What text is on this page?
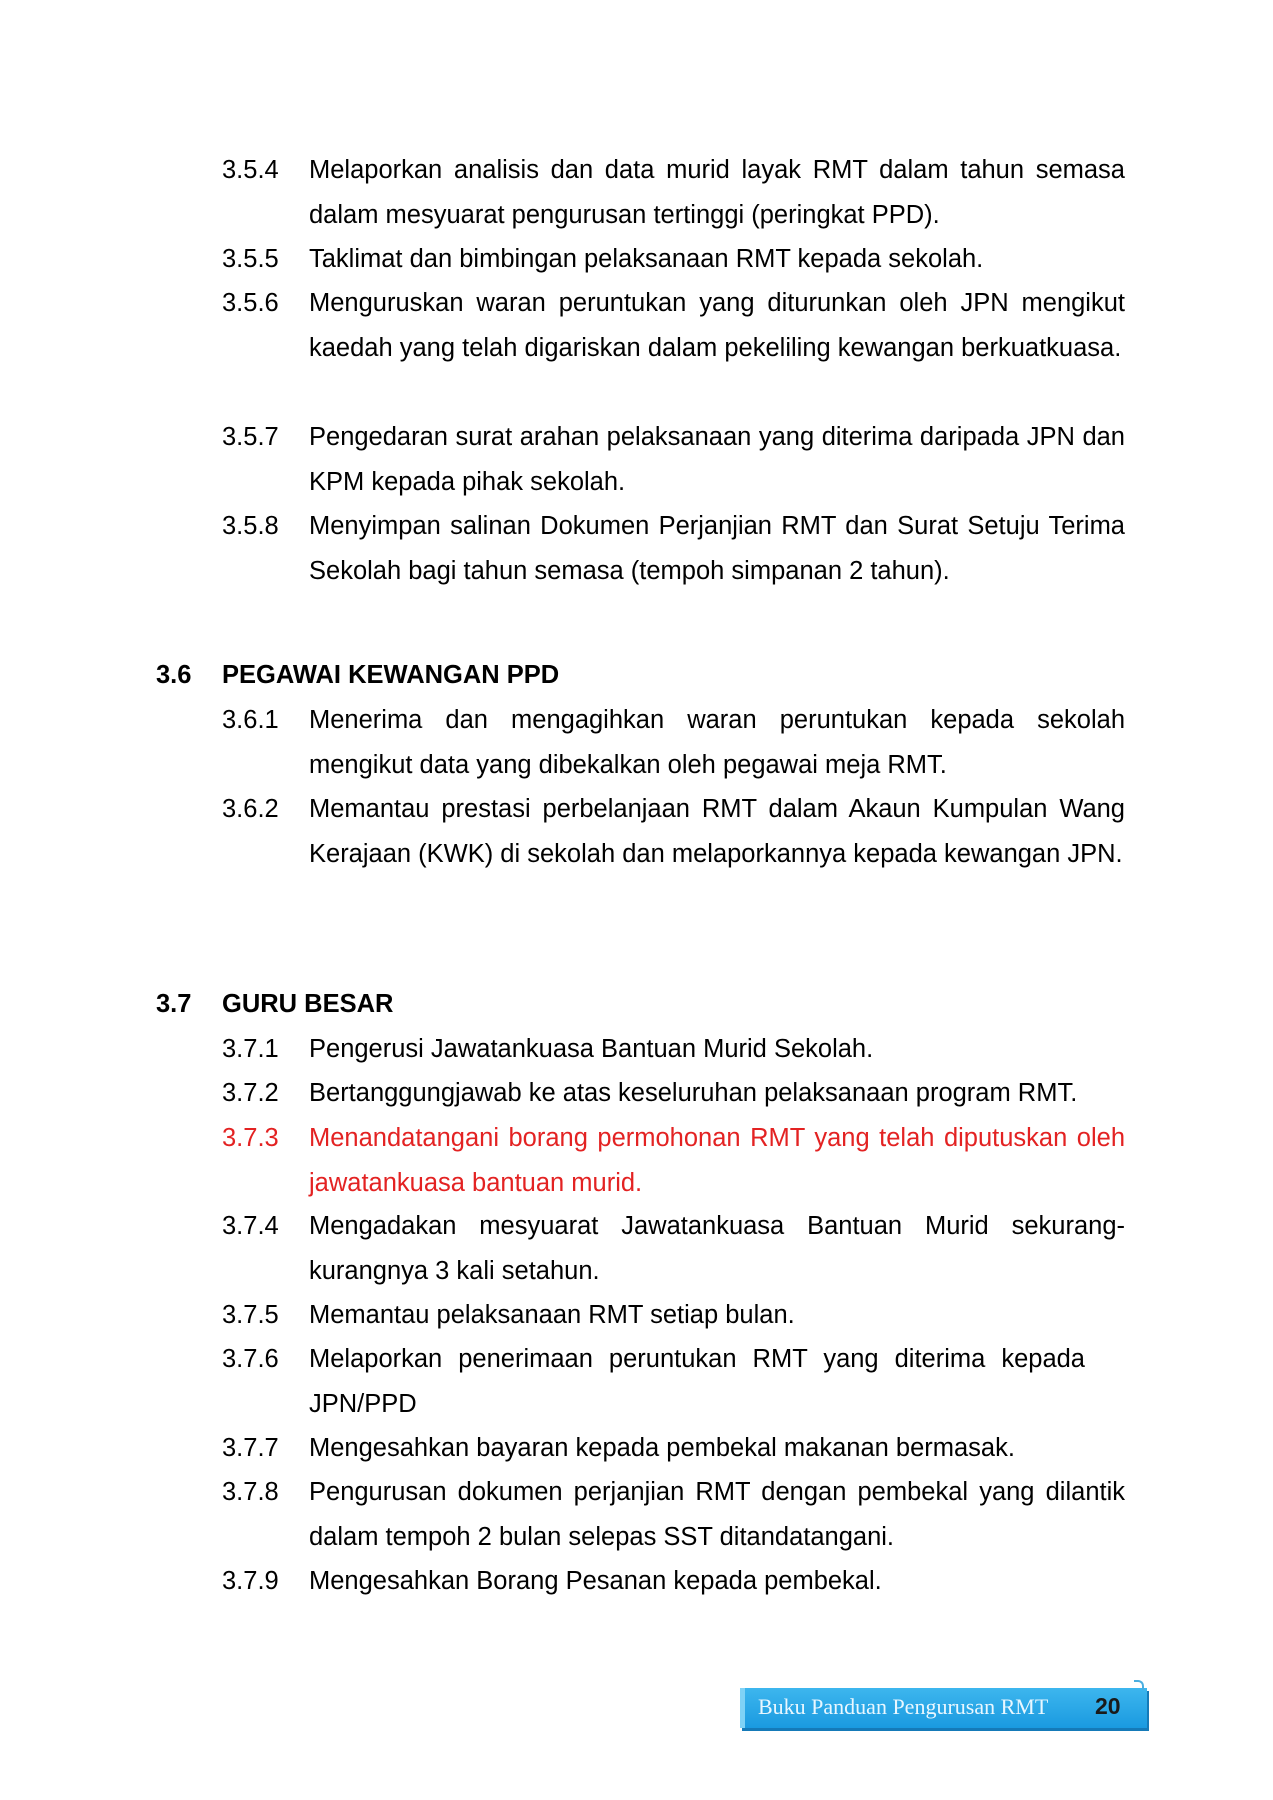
3.5.4	Melaporkan analisis dan data murid layak RMT dalam tahun semasa dalam mesyuarat pengurusan tertinggi (peringkat PPD).
3.5.5	Taklimat dan bimbingan pelaksanaan RMT kepada sekolah.
3.5.6	Menguruskan waran peruntukan yang diturunkan oleh JPN mengikut kaedah yang telah digariskan dalam pekeliling kewangan berkuatkuasa.
3.5.7	Pengedaran surat arahan pelaksanaan yang diterima daripada JPN dan KPM kepada pihak sekolah.
3.5.8	Menyimpan salinan Dokumen Perjanjian RMT dan Surat Setuju Terima Sekolah bagi tahun semasa (tempoh simpanan 2 tahun).
3.6	PEGAWAI KEWANGAN PPD
3.6.1	Menerima dan mengagihkan waran peruntukan kepada sekolah mengikut data yang dibekalkan oleh pegawai meja RMT.
3.6.2	Memantau prestasi perbelanjaan RMT dalam Akaun Kumpulan Wang Kerajaan (KWK) di sekolah dan melaporkannya kepada kewangan JPN.
3.7	GURU BESAR
3.7.1	Pengerusi Jawatankuasa Bantuan Murid Sekolah.
3.7.2	Bertanggungjawab ke atas keseluruhan pelaksanaan program RMT.
3.7.3	Menandatangani borang permohonan RMT yang telah diputuskan oleh jawatankuasa bantuan murid.
3.7.4	Mengadakan mesyuarat Jawatankuasa Bantuan Murid sekurang-kurangnya 3 kali setahun.
3.7.5	Memantau pelaksanaan RMT setiap bulan.
3.7.6	Melaporkan penerimaan peruntukan RMT yang diterima kepada JPN/PPD
3.7.7	Mengesahkan bayaran kepada pembekal makanan bermasak.
3.7.8	Pengurusan dokumen perjanjian RMT dengan pembekal yang dilantik dalam tempoh 2 bulan selepas SST ditandatangani.
3.7.9	Mengesahkan Borang Pesanan kepada pembekal.
Buku Panduan Pengurusan RMT 20
